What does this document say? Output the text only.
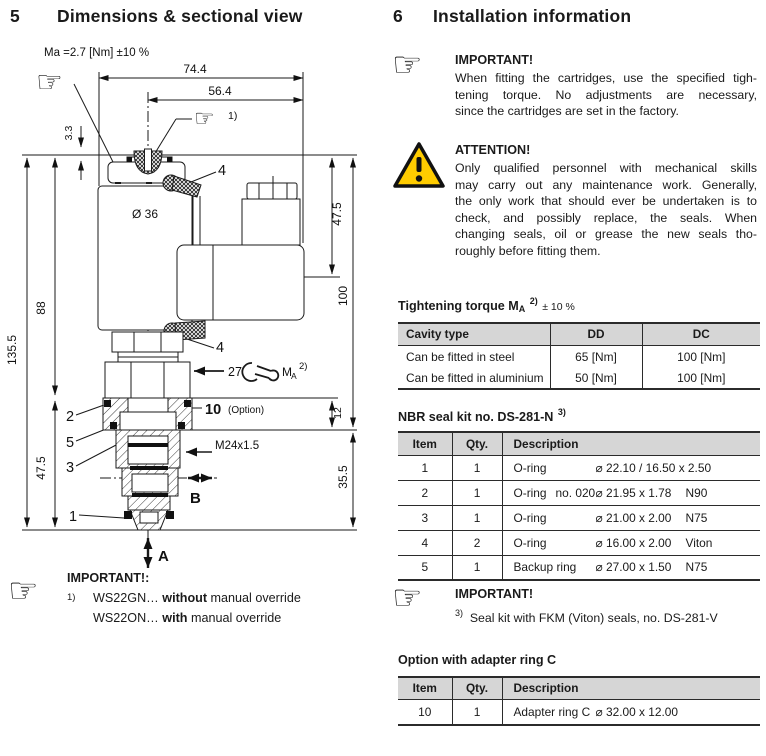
5 Dimensions & sectional view
Ma =2.7 [Nm] ±10 %
74.4
56.4
3.3
88
135.5
47.5
Ø 36	47.5
100
12
35.5
M24x1.5
27	M A
2)
1)
4
4
2
5
3
1
10 (Option)
B
A
☞
☞
☞ IMPORTANT!:
1) WS22GN… without manual override
WS22ON… with manual override
6 Installation information
☞	IMPORTANT!
When fitting the cartridges, use the specified tigh-
tening torque. No adjustments are necessary,
since the cartridges are set in the factory.
ATTENTION!
Only qualified personnel with mechanical skills
may carry out any maintenance work. Generally,
the only work that should ever be undertaken is to
check, and possibly replace, the seals. When
changing seals, oil or grease the new seals tho-
roughly before fitting them.
Tightening torque MA $^{2)}$ ± 10 %
Cavity type	DD	DC
Can be fitted in steel	65 [Nm]	100 [Nm]
Can be fitted in aluminium	50 [Nm]	100 [Nm]
NBR seal kit no. DS-281-N $^{3)}$
Item	Qty.	Description
1	1	O-ring ⌀ 22.10 / 16.50 x 2.50

2	1	O-ring no. 020 ⌀ 21.95 x 1.78 N90

3	1	O-ring ⌀ 21.00 x 2.00 N75

4	2	O-ring ⌀ 16.00 x 2.00 Viton

5	1	Backup ring ⌀ 27.00 x 1.50 N75
☞	IMPORTANT!
$^{3)}$ Seal kit with FKM (Viton) seals, no. DS-281-V
Option with adapter ring C
Item	Qty.	Description
10	1	Adapter ring C ⌀ 32.00 x 12.00
